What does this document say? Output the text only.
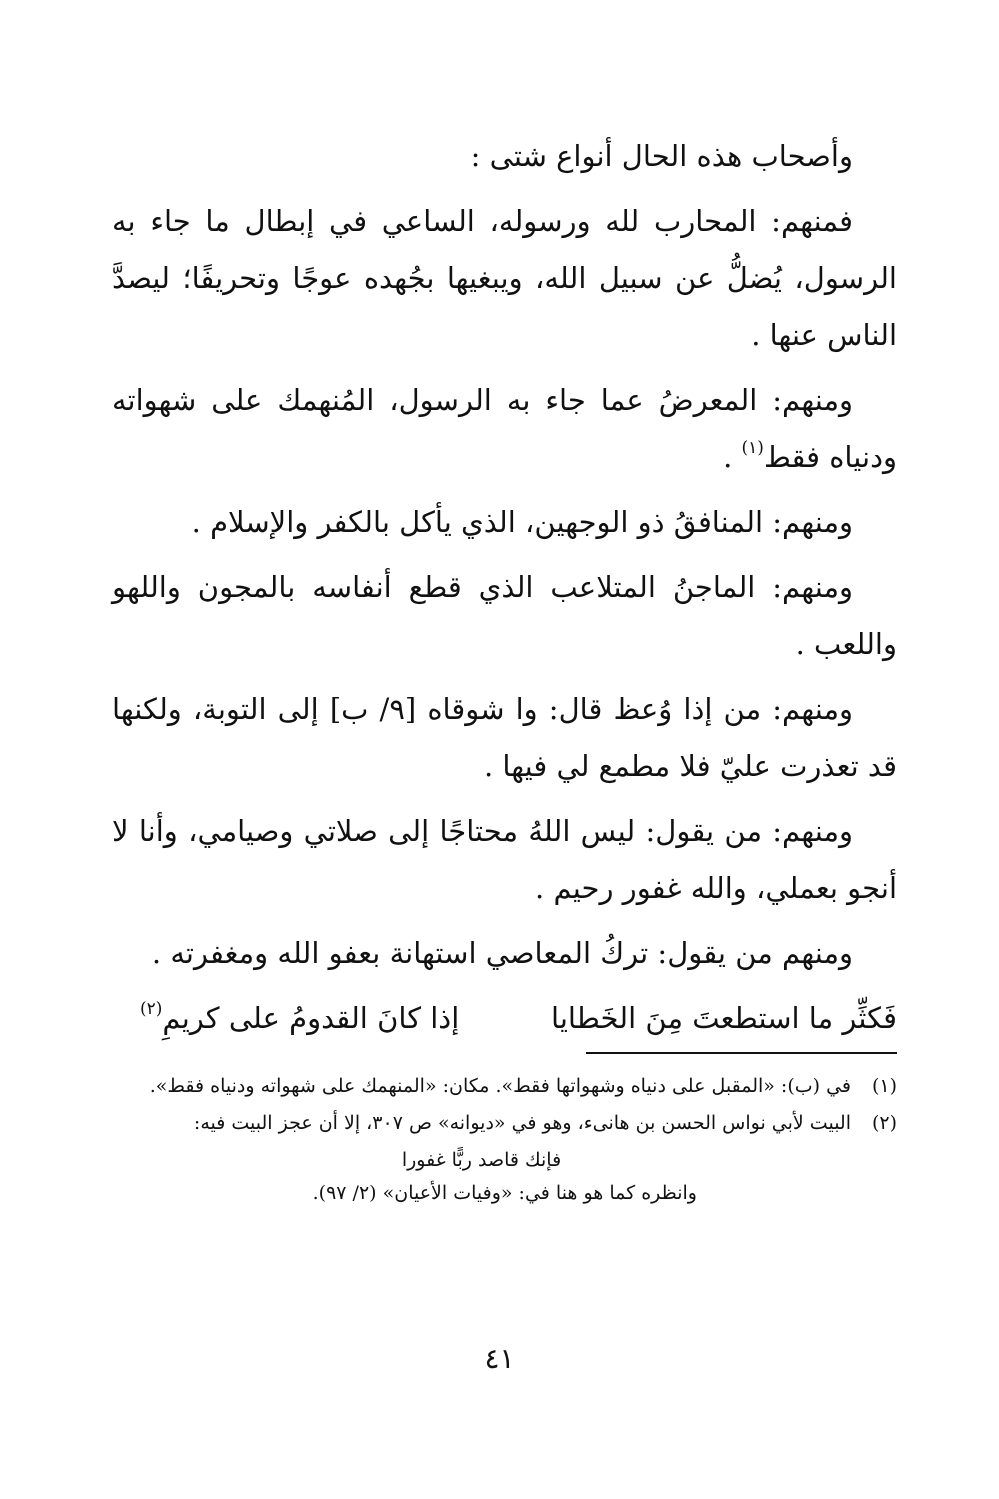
وأصحاب هذه الحال أنواع شتى :

فمنهم: المحارب لله ورسوله، الساعي في إبطال ما جاء به الرسول، يُضلُّ عن سبيل الله، ويبغيها بجُهده عوجًا وتحريفًا؛ ليصدَّ الناس عنها .

ومنهم: المعرضُ عما جاء به الرسول، المُنهمك على شهواته ودنياه فقط$^{(١)}$ .

ومنهم: المنافقُ ذو الوجهين، الذي يأكل بالكفر والإسلام .

ومنهم: الماجنُ المتلاعب الذي قطع أنفاسه بالمجون واللهو واللعب .

ومنهم: من إذا وُعظ قال: وا شوقاه [٩/ ب] إلى التوبة، ولكنها قد تعذرت عليّ فلا مطمع لي فيها .

ومنهم: من يقول: ليس اللهُ محتاجًا إلى صلاتي وصيامي، وأنا لا أنجو بعملي، والله غفور رحيم .

ومنهم من يقول: تركُ المعاصي استهانة بعفو الله ومغفرته .

فَكثِّر ما استطعتَ مِنَ الخَطايا
إذا كانَ القدومُ على كريمِ$^{(٢)}$
(١)
في (ب): «المقبل على دنياه وشهواتها فقط». مكان: «المنهمك على شهواته ودنياه فقط».
(٢)
البيت لأبي نواس الحسن بن هانىء، وهو في «ديوانه» ص ٣٠٧، إلا أن عجز البيت فيه:
فإنك قاصد ربًّا غفورا
وانظره كما هو هنا في: «وفيات الأعيان» (٢/ ٩٧).
٤١
